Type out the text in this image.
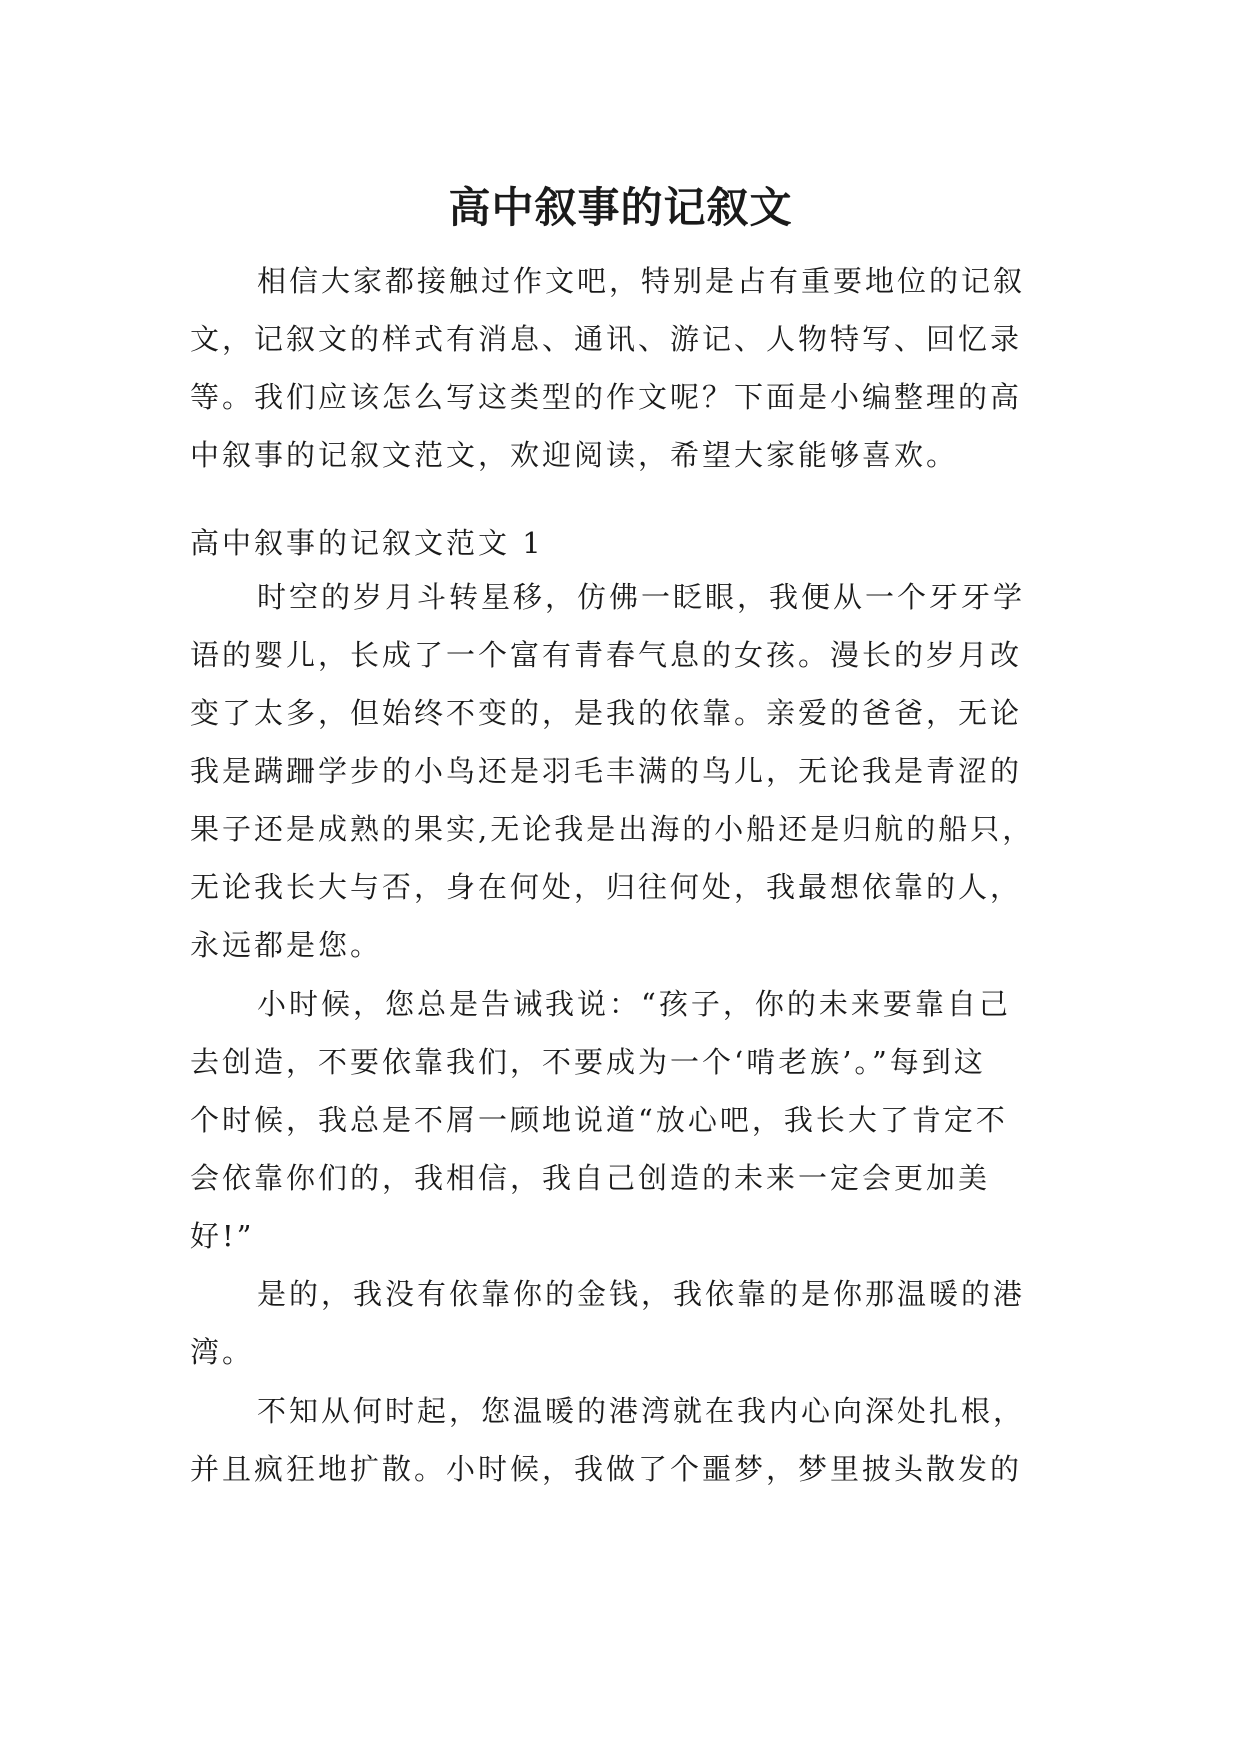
高中叙事的记叙文
相信大家都接触过作文吧，特别是占有重要地位的记叙
文，记叙文的样式有消息、通讯、游记、人物特写、回忆录
等。我们应该怎么写这类型的作文呢？下面是小编整理的高
中叙事的记叙文范文，欢迎阅读，希望大家能够喜欢。
高中叙事的记叙文范文 1
时空的岁月斗转星移，仿佛一眨眼，我便从一个牙牙学
语的婴儿，长成了一个富有青春气息的女孩。漫长的岁月改
变了太多，但始终不变的，是我的依靠。亲爱的爸爸，无论
我是蹒跚学步的小鸟还是羽毛丰满的鸟儿，无论我是青涩的
果子还是成熟的果实,无论我是出海的小船还是归航的船只，
无论我长大与否，身在何处，归往何处，我最想依靠的人，
永远都是您。
小时候，您总是告诫我说：“孩子，你的未来要靠自己
去创造，不要依靠我们，不要成为一个‘啃老族’。”每到这
个时候，我总是不屑一顾地说道“放心吧，我长大了肯定不
会依靠你们的，我相信，我自己创造的未来一定会更加美
好!”
是的，我没有依靠你的金钱，我依靠的是你那温暖的港
湾。
不知从何时起，您温暖的港湾就在我内心向深处扎根，
并且疯狂地扩散。小时候，我做了个噩梦，梦里披头散发的
